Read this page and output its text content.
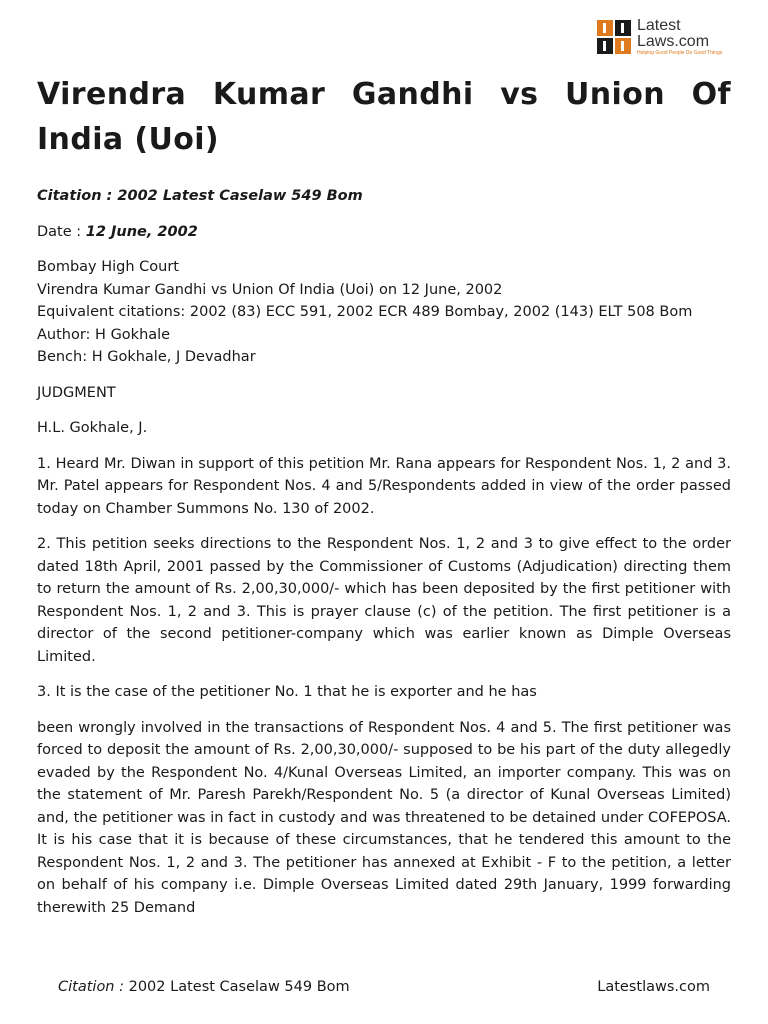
Latest
Laws.com
Helping Good People Do Good Things
Virendra Kumar Gandhi vs Union Of India (Uoi)

Citation : 2002 Latest Caselaw 549 Bom

Date : 12 June, 2002

Bombay High Court
Virendra Kumar Gandhi vs Union Of India (Uoi) on 12 June, 2002
Equivalent citations: 2002 (83) ECC 591, 2002 ECR 489 Bombay, 2002 (143) ELT 508 Bom
Author: H Gokhale
Bench: H Gokhale, J Devadhar

JUDGMENT

H.L. Gokhale, J.

1. Heard Mr. Diwan in support of this petition Mr. Rana appears for Respondent Nos. 1, 2 and 3. Mr. Patel appears for Respondent Nos. 4 and 5/Respondents added in view of the order passed today on Chamber Summons No. 130 of 2002.

2. This petition seeks directions to the Respondent Nos. 1, 2 and 3 to give effect to the order dated 18th April, 2001 passed by the Commissioner of Customs (Adjudication) directing them to return the amount of Rs. 2,00,30,000/- which has been deposited by the first petitioner with Respondent Nos. 1, 2 and 3. This is prayer clause (c) of the petition. The first petitioner is a director of the second petitioner-company which was earlier known as Dimple Overseas Limited.

3. It is the case of the petitioner No. 1 that he is exporter and he has

been wrongly involved in the transactions of Respondent Nos. 4 and 5. The first petitioner was forced to deposit the amount of Rs. 2,00,30,000/- supposed to be his part of the duty allegedly evaded by the Respondent No. 4/Kunal Overseas Limited, an importer company. This was on the statement of Mr. Paresh Parekh/Respondent No. 5 (a director of Kunal Overseas Limited) and, the petitioner was in fact in custody and was threatened to be detained under COFEPOSA. It is his case that it is because of these circumstances, that he tendered this amount to the Respondent Nos. 1, 2 and 3. The petitioner has annexed at Exhibit - F to the petition, a letter on behalf of his company i.e. Dimple Overseas Limited dated 29th January, 1999 forwarding therewith 25 Demand

Citation : 2002 Latest Caselaw 549 Bom	Latestlaws.com
